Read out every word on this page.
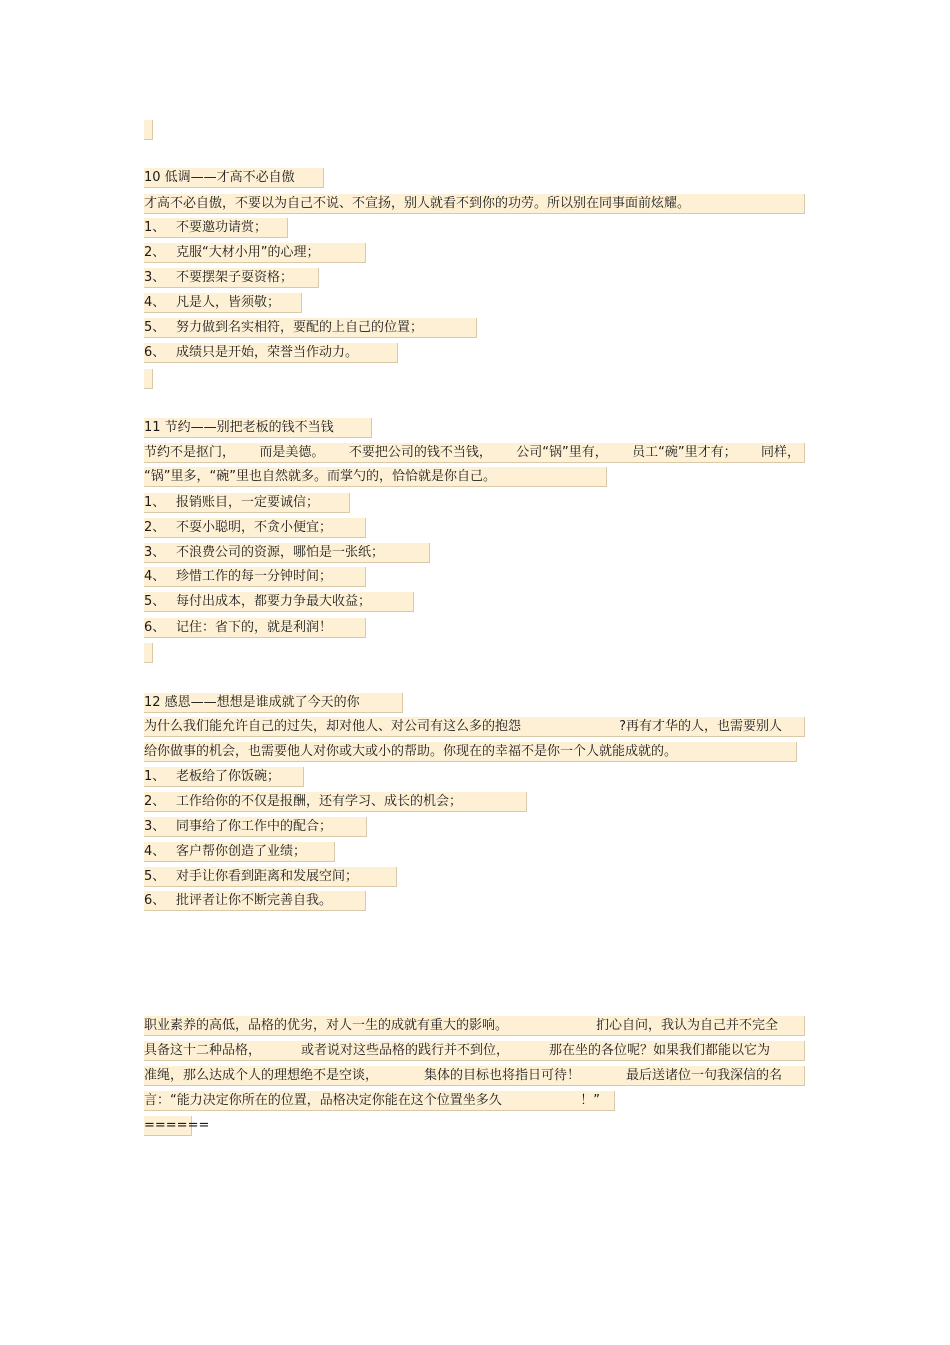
10 低调——才高不必自傲
才高不必自傲，不要以为自己不说、不宣扬，别人就看不到你的功劳。所以别在同事面前炫耀。
1、 不要邀功请赏；
2、 克服“大材小用”的心理；
3、 不要摆架子耍资格；
4、 凡是人，皆须敬；
5、 努力做到名实相符，要配的上自己的位置；
6、 成绩只是开始，荣誉当作动力。
11 节约——别把老板的钱不当钱
节约不是抠门， 而是美德。 不要把公司的钱不当钱， 公司“锅”里有， 员工“碗”里才有； 同样，
“锅”里多，“碗”里也自然就多。而掌勺的，恰恰就是你自己。
1、 报销账目，一定要诚信；
2、 不耍小聪明，不贪小便宜；
3、 不浪费公司的资源，哪怕是一张纸；
4、 珍惜工作的每一分钟时间；
5、 每付出成本，都要力争最大收益；
6、 记住：省下的，就是利润！
12 感恩——想想是谁成就了今天的你
为什么我们能允许自己的过失，却对他人、对公司有这么多的抱怨	?再有才华的人，也需要别人
给你做事的机会，也需要他人对你或大或小的帮助。你现在的幸福不是你一个人就能成就的。
1、 老板给了你饭碗；
2、 工作给你的不仅是报酬，还有学习、成长的机会；
3、 同事给了你工作中的配合；
4、 客户帮你创造了业绩；
5、 对手让你看到距离和发展空间；
6、 批评者让你不断完善自我。
职业素养的高低，品格的优劣，对人一生的成就有重大的影响。	扪心自问，我认为自己并不完全
具备这十二种品格，	或者说对这些品格的践行并不到位，	那在坐的各位呢？如果我们都能以它为
准绳，那么达成个人的理想绝不是空谈，	集体的目标也将指日可待！	最后送诸位一句我深信的名
言：“能力决定你所在的位置，品格决定你能在这个位置坐多久	！”
======
